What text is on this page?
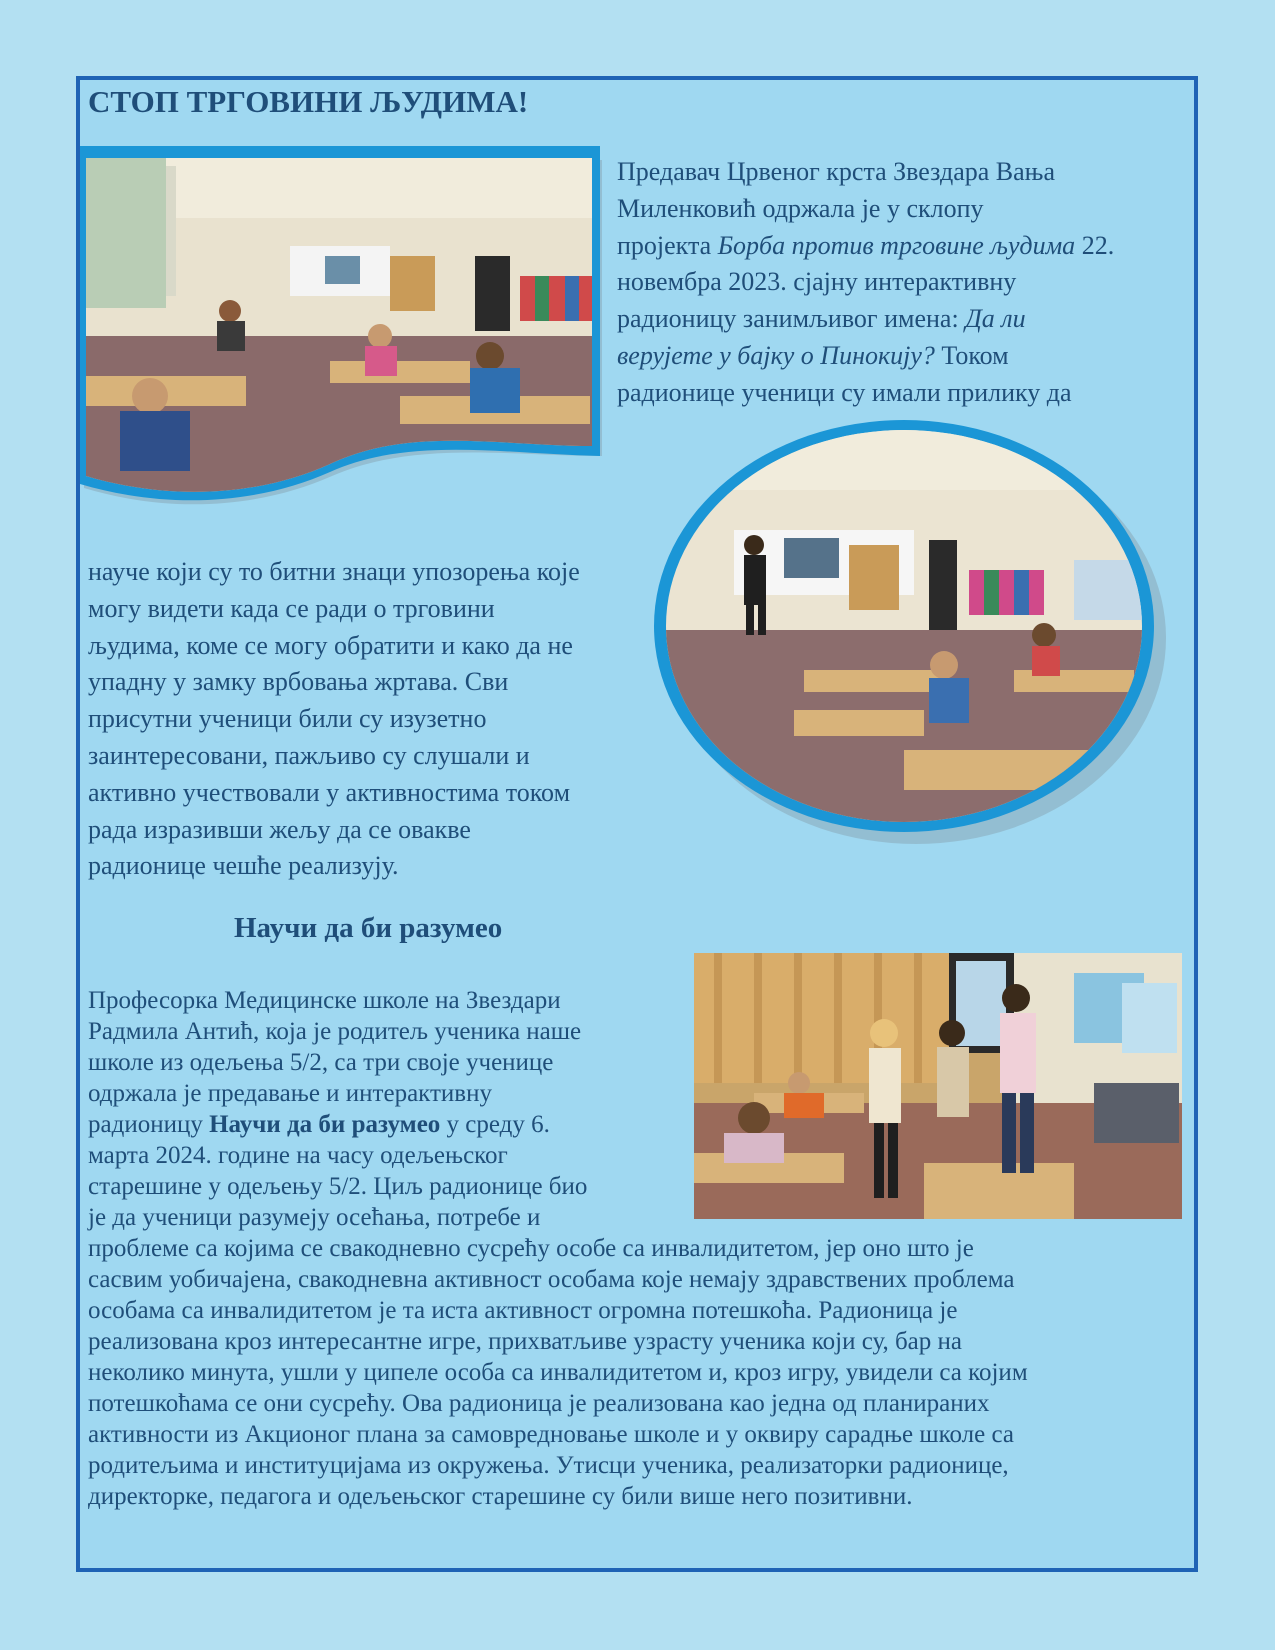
СТОП ТРГОВИНИ ЉУДИМА!
Предавач Црвеног крста Звездара Вања
Миленковић одржала је у склопу
пројекта Борба против трговине људима 22.
новембра 2023. сјајну интерактивну
радионицу занимљивог имена: Да ли
верујете у бајку о Пинокију? Током
радионице ученици су имали прилику да
науче који су то битни знаци упозорења које
могу видети када се ради о трговини
људима, коме се могу обратити и како да не
упадну у замку врбовања жртава. Сви
присутни ученици били су изузетно
заинтересовани, пажљиво су слушали и
активно учествовали у активностима током
рада изразивши жељу да се овакве
радионице чешће реализују.
Научи да би разумео
Професорка Медицинске школе на Звездари
Радмила Антић, која је родитељ ученика наше
школе из одељења 5/2, са три своје ученице
одржала је предавање и интерактивну
радионицу Научи да би разумео у среду 6.
марта 2024. године на часу одељењског
старешине у одељењу 5/2. Циљ радионице био
је да ученици разумеју осећања, потребе и
проблеме са којима се свакодневно сусрећу особе са инвалидитетом, јер оно што је
сасвим уобичајена, свакодневна активност особама које немају здравствених проблема
особама са инвалидитетом је та иста активност огромна потешкоћа. Радионица је
реализована кроз интересантне игре, прихватљиве узрасту ученика који су, бар на
неколико минута, ушли у ципеле особа са инвалидитетом и, кроз игру, увидели са којим
потешкоћама се они сусрећу. Ова радионица је реализована као једна од планираних
активности из Акционог плана за самовредновање школе и у оквиру сарадње школе са
родитељима и институцијама из окружења. Утисци ученика, реализаторки радионице,
директорке, педагога и одељењског старешине су били више него позитивни.
